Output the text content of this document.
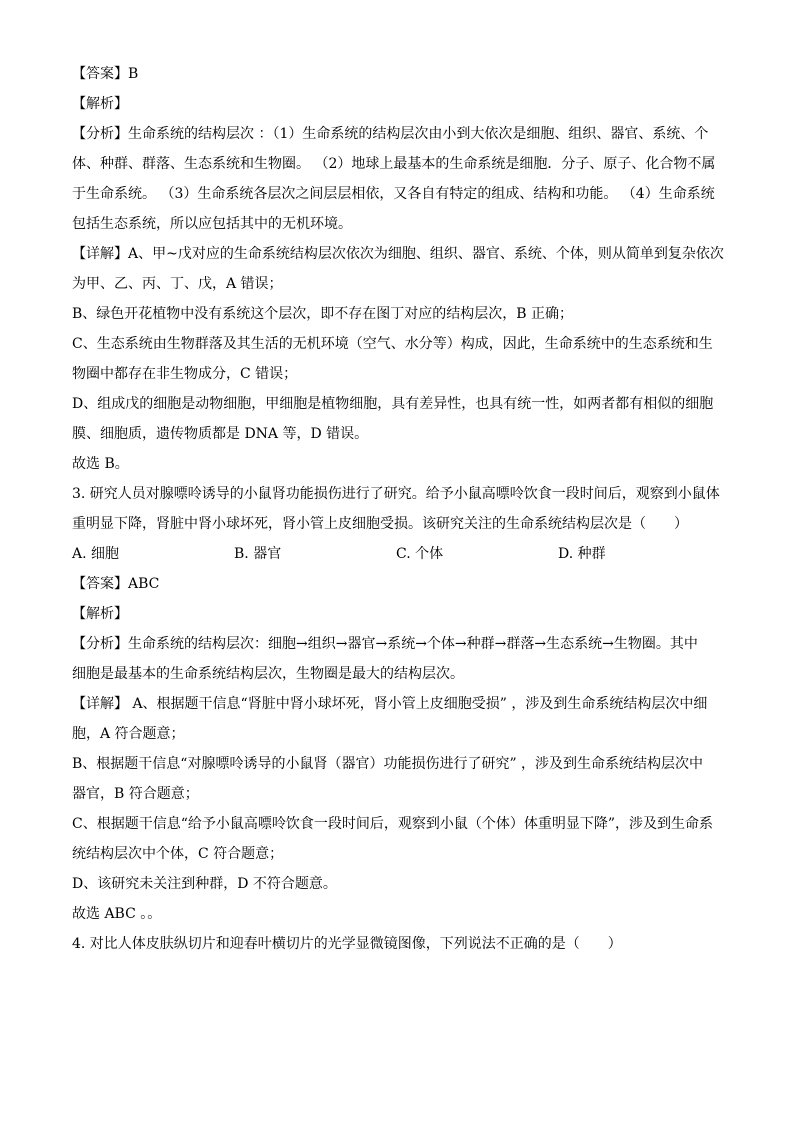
【答案】B
【解析】
【分析】生命系统的结构层次 ：（1）生命系统的结构层次由小到大依次是细胞、组织、器官、系统、个
体、种群、群落、生态系统和生物圈。 （2）地球上最基本的生命系统是细胞．分子、原子、化合物不属
于生命系统。 （3）生命系统各层次之间层层相依，又各自有特定的组成、结构和功能。 （4）生命系统
包括生态系统，所以应包括其中的无机环境。
【详解】A、甲~戊对应的生命系统结构层次依次为细胞、组织、器官、系统、个体，则从简单到复杂依次
为甲、乙、丙、丁、戊，A 错误；
B、绿色开花植物中没有系统这个层次，即不存在图丁对应的结构层次，B 正确；
C、生态系统由生物群落及其生活的无机环境（空气、水分等）构成，因此，生命系统中的生态系统和生
物圈中都存在非生物成分，C 错误；
D、组成戊的细胞是动物细胞，甲细胞是植物细胞，具有差异性，也具有统一性，如两者都有相似的细胞
膜、细胞质，遗传物质都是 DNA 等，D 错误。
故选 B。
3. 研究人员对腺嘌呤诱导的小鼠肾功能损伤进行了研究。给予小鼠高嘌呤饮食一段时间后，观察到小鼠体
重明显下降，肾脏中肾小球坏死，肾小管上皮细胞受损。该研究关注的生命系统结构层次是（　　）
A. 细胞	B. 器官	C. 个体	D. 种群
【答案】ABC
【解析】
【分析】生命系统的结构层次：细胞→组织→器官→系统→个体→种群→群落→生态系统→生物圈。其中
细胞是最基本的生命系统结构层次，生物圈是最大的结构层次。
【详解】 A、根据题干信息“肾脏中肾小球坏死，肾小管上皮细胞受损” ，涉及到生命系统结构层次中细
胞，A 符合题意；
B、根据题干信息“对腺嘌呤诱导的小鼠肾（器官）功能损伤进行了研究” ，涉及到生命系统结构层次中
器官，B 符合题意；
C、根据题干信息“给予小鼠高嘌呤饮食一段时间后，观察到小鼠（个体）体重明显下降”，涉及到生命系
统结构层次中个体，C 符合题意；
D、该研究未关注到种群，D 不符合题意。
故选 ABC 。。
4. 对比人体皮肤纵切片和迎春叶横切片的光学显微镜图像，下列说法不正确的是（　　）
